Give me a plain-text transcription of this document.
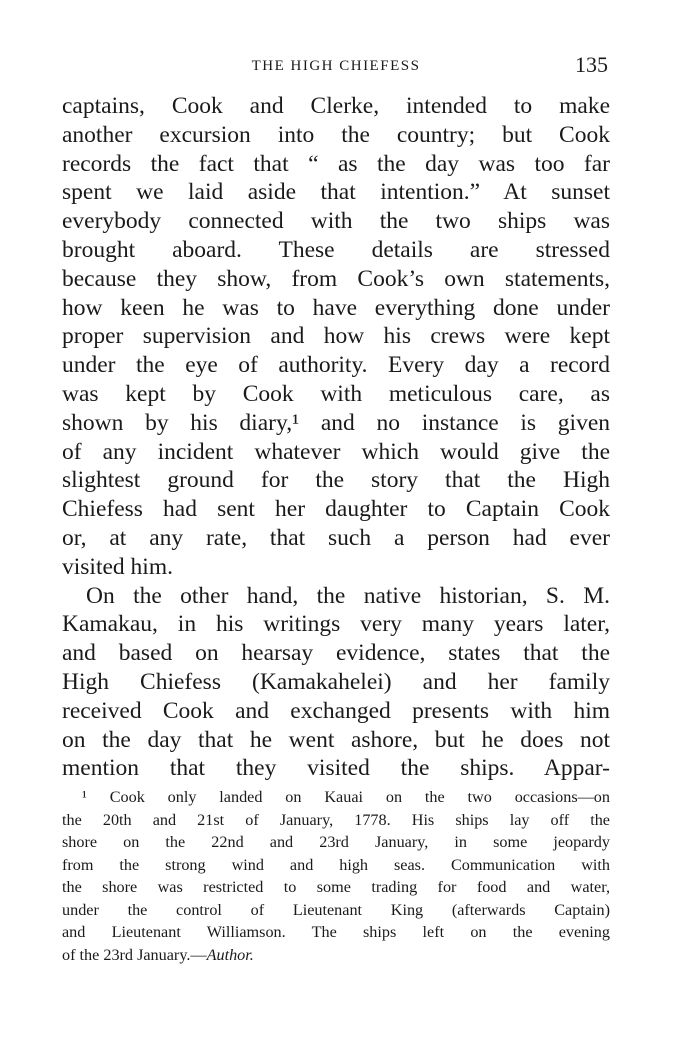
THE HIGH CHIEFESS	135
captains, Cook and Clerke, intended to make
another excursion into the country; but Cook
records the fact that “ as the day was too far
spent we laid aside that intention.” At sunset
everybody connected with the two ships was
brought aboard. These details are stressed
because they show, from Cook’s own statements,
how keen he was to have everything done under
proper supervision and how his crews were kept
under the eye of authority. Every day a record
was kept by Cook with meticulous care, as
shown by his diary,¹ and no instance is given
of any incident whatever which would give the
slightest ground for the story that the High
Chiefess had sent her daughter to Captain Cook
or, at any rate, that such a person had ever
visited him.
On the other hand, the native historian, S. M.
Kamakau, in his writings very many years later,
and based on hearsay evidence, states that the
High Chiefess (Kamakahelei) and her family
received Cook and exchanged presents with him
on the day that he went ashore, but he does not
mention that they visited the ships. Appar-
¹ Cook only landed on Kauai on the two occasions—on
the 20th and 21st of January, 1778. His ships lay off the
shore on the 22nd and 23rd January, in some jeopardy
from the strong wind and high seas. Communication with
the shore was restricted to some trading for food and water,
under the control of Lieutenant King (afterwards Captain)
and Lieutenant Williamson. The ships left on the evening
of the 23rd January.—Author.
